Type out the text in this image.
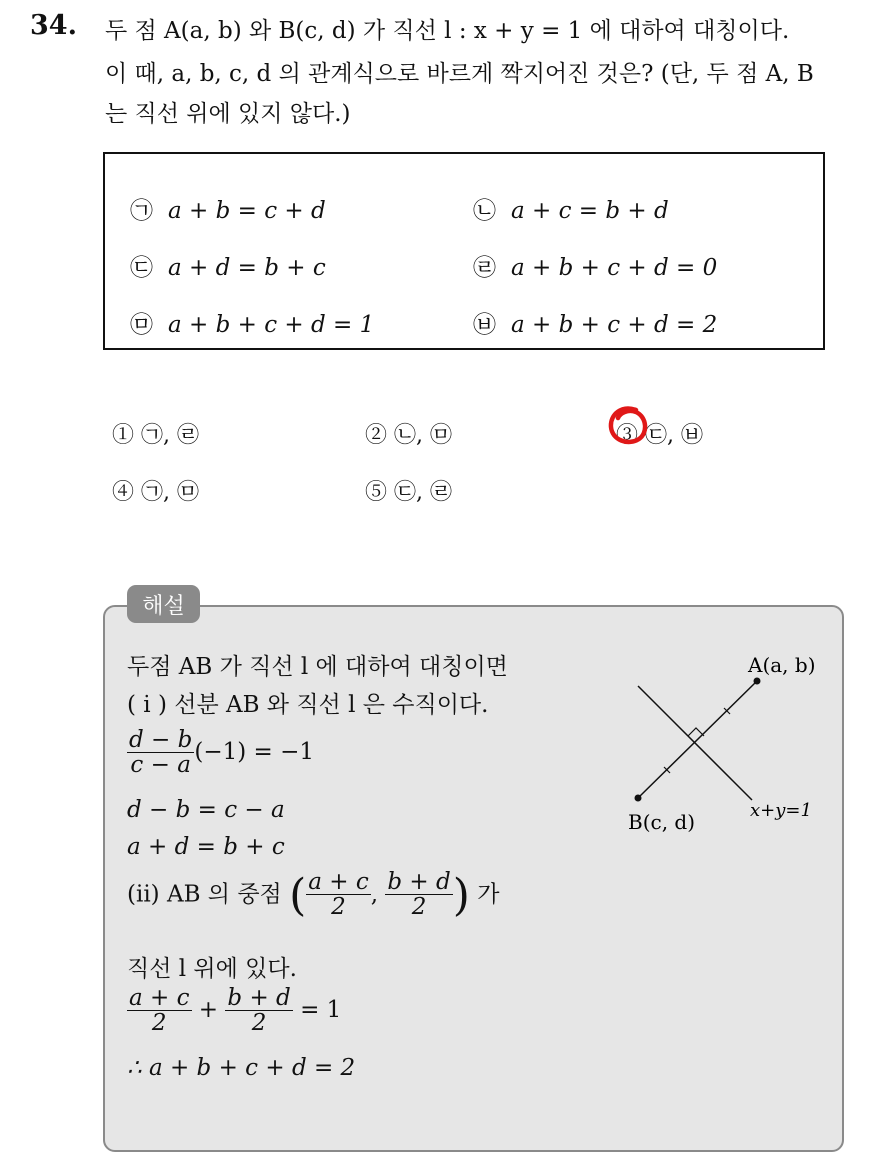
34. 두 점 A(a, b) 와 B(c, d) 가 직선 l : x + y = 1 에 대하여 대칭이다.
이 때, a, b, c, d 의 관계식으로 바르게 짝지어진 것은? (단, 두 점 A, B
는 직선 위에 있지 않다.)
㉠ a + b = c + d	㉡ a + c = b + d
㉢ a + d = b + c	㉣ a + b + c + d = 0
㉤ a + b + c + d = 1	㉥ a + b + c + d = 2
① ㉠, ㉣	② ㉡, ㉤	③ ㉢, ㉥
④ ㉠, ㉤	⑤ ㉢, ㉣
해설
두점 AB 가 직선 l 에 대하여 대칭이면
( i ) 선분 AB 와 직선 l 은 수직이다.
$\frac{d - b}{c - a} (-1) = -1$
d − b = c − a
a + d = b + c
(ii) AB 의 중점 ( $\frac{a + c}{2}$ , $\frac{b + d}{2}$ ) 가
직선 l 위에 있다.
$\frac{a + c}{2} + \frac{b + d}{2} = 1$
∴ a + b + c + d = 2
A(a, b)
B(c, d)	x+y=1
